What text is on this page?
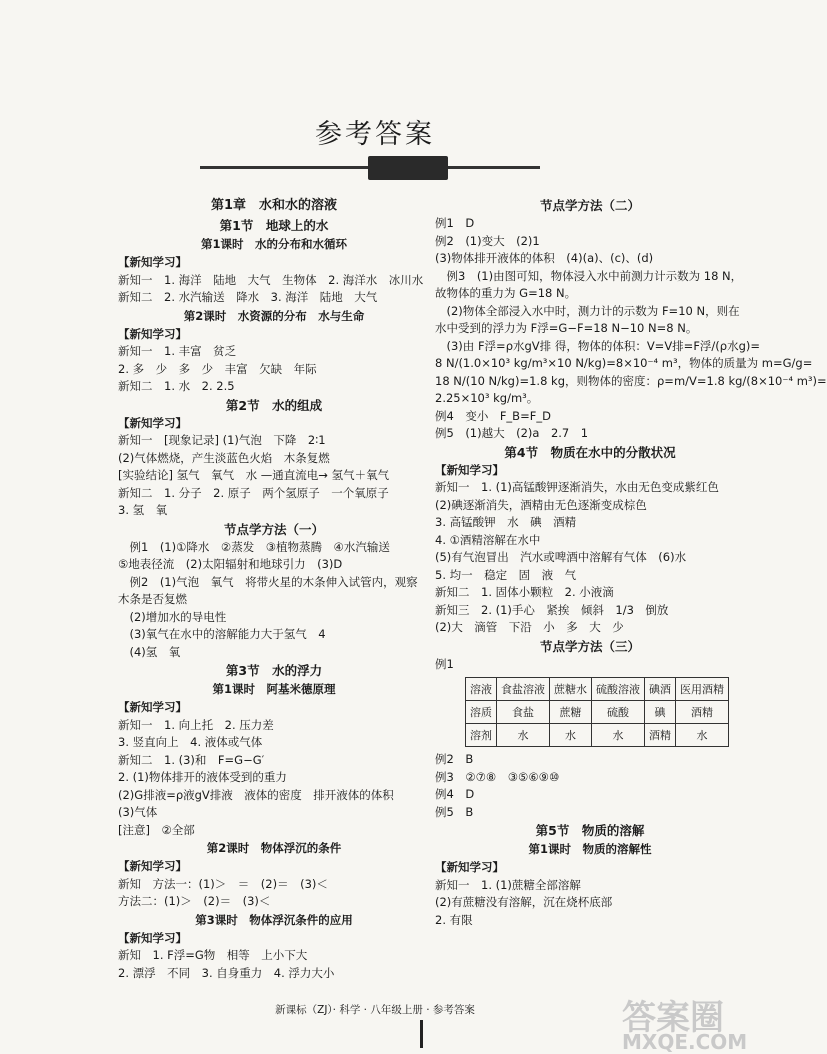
参考答案
第1章　水和水的溶液
第1节　地球上的水
第1课时　水的分布和水循环
【新知学习】
新知一　1. 海洋　陆地　大气　生物体　2. 海洋水　冰川水
新知二　2. 水汽输送　降水　3. 海洋　陆地　大气
第2课时　水资源的分布　水与生命
【新知学习】
新知一　1. 丰富　贫乏
2. 多　少　多　少　丰富　欠缺　年际
新知二　1. 水　2. 2.5
第2节　水的组成
【新知学习】
新知一　[现象记录] (1)气泡　下降　2∶1
(2)气体燃烧，产生淡蓝色火焰　木条复燃
[实验结论] 氢气　氧气　水 —通直流电→ 氢气＋氧气
新知二　1. 分子　2. 原子　两个氢原子　一个氧原子
3. 氢　氧
节点学方法（一）
　例1　(1)①降水　②蒸发　③植物蒸腾　④水汽输送
⑤地表径流　(2)太阳辐射和地球引力　(3)D
　例2　(1)气泡　氧气　将带火星的木条伸入试管内，观察
木条是否复燃
　(2)增加水的导电性
　(3)氧气在水中的溶解能力大于氢气　4
　(4)氢　氧
第3节　水的浮力
第1课时　阿基米德原理
【新知学习】
新知一　1. 向上托　2. 压力差
3. 竖直向上　4. 液体或气体
新知二　1. (3)和　F=G−G′
2. (1)物体排开的液体受到的重力
(2)G排液=ρ液gV排液　液体的密度　排开液体的体积
(3)气体
[注意]　②全部
第2课时　物体浮沉的条件
【新知学习】
新知　方法一：(1)＞　＝　(2)＝　(3)＜
方法二：(1)＞　(2)＝　(3)＜
第3课时　物体浮沉条件的应用
【新知学习】
新知　1. F浮=G物　相等　上小下大
2. 漂浮　不同　3. 自身重力　4. 浮力大小
节点学方法（二）
例1　D
例2　(1)变大　(2)1
(3)物体排开液体的体积　(4)(a)、(c)、(d)
　例3　(1)由图可知，物体浸入水中前测力计示数为 18 N，
故物体的重力为 G=18 N。
　(2)物体全部浸入水中时，测力计的示数为 F=10 N，则在
水中受到的浮力为 F浮=G−F=18 N−10 N=8 N。
　(3)由 F浮=ρ水gV排 得，物体的体积：V=V排=F浮/(ρ水g)=
8 N/(1.0×10³ kg/m³×10 N/kg)=8×10⁻⁴ m³，物体的质量为 m=G/g=
18 N/(10 N/kg)=1.8 kg，则物体的密度：ρ=m/V=1.8 kg/(8×10⁻⁴ m³)=
2.25×10³ kg/m³。
例4　变小　F_B=F_D
例5　(1)越大　(2)a　2.7　1
第4节　物质在水中的分散状况
【新知学习】
新知一　1. (1)高锰酸钾逐渐消失，水由无色变成紫红色
(2)碘逐渐消失，酒精由无色逐渐变成棕色
3. 高锰酸钾　水　碘　酒精
4. ①酒精溶解在水中
(5)有气泡冒出　汽水或啤酒中溶解有气体　(6)水
5. 均一　稳定　固　液　气
新知二　1. 固体小颗粒　2. 小液滴
新知三　2. (1)手心　紧挨　倾斜　1/3　倒放
(2)大　滴管　下沿　小　多　大　少
节点学方法（三）
例1
溶液	食盐溶液	蔗糖水	硫酸溶液	碘酒	医用酒精
溶质	食盐	蔗糖	硫酸	碘	酒精
溶剂	水	水	水	酒精	水
例2　B
例3　②⑦⑧　③⑤⑥⑨⑩
例4　D
例5　B
第5节　物质的溶解
第1课时　物质的溶解性
【新知学习】
新知一　1. (1)蔗糖全部溶解
(2)有蔗糖没有溶解，沉在烧杯底部
2. 有限
新课标（ZJ）· 科学 · 八年级上册 · 参考答案	答案圈
MXQE.COM
